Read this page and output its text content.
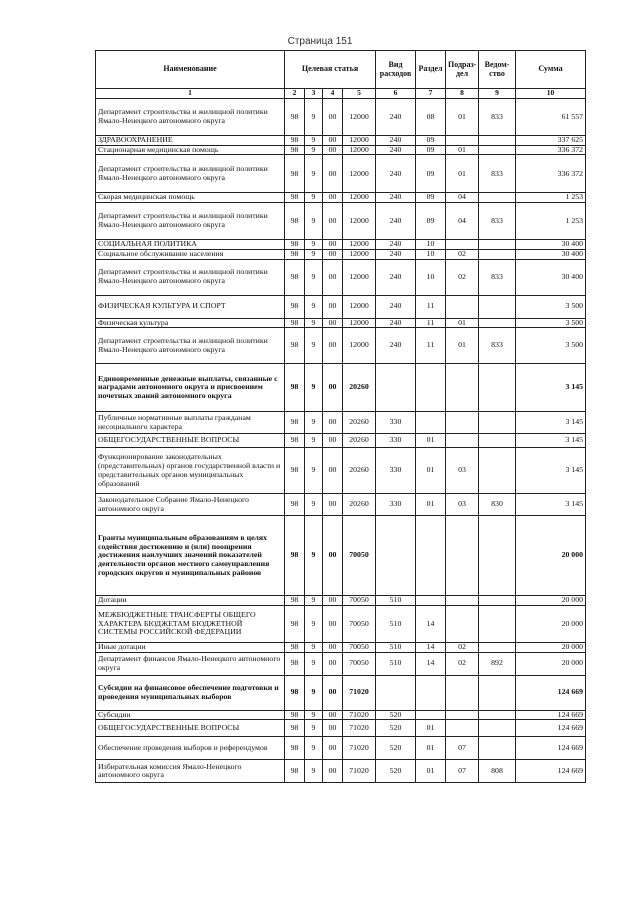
Страница 151
Наименование	Целевая статья				Вид расходов	Раздел	Подраз-дел	Ведом-ство	Сумма
1	2	3	4	5	6	7	8	9	10
Департамент строительства и жилищной политики Ямало-Ненецкого автономного округа	98	9	00	12000	240	08	01	833	61 557
ЗДРАВООХРАНЕНИЕ	98	9	00	12000	240	09			337 625
Стационарная медицинская помощь	98	9	00	12000	240	09	01		336 372
Департамент строительства и жилищной политики Ямало-Ненецкого автономного округа	98	9	00	12000	240	09	01	833	336 372
Скорая медицинская помощь	98	9	00	12000	240	09	04		1 253
Департамент строительства и жилищной политики Ямало-Ненецкого автономного округа	98	9	00	12000	240	09	04	833	1 253
СОЦИАЛЬНАЯ ПОЛИТИКА	98	9	00	12000	240	10			30 400
Социальное обслуживание населения	98	9	00	12000	240	10	02		30 400
Департамент строительства и жилищной политики Ямало-Ненецкого автономного округа	98	9	00	12000	240	10	02	833	30 400
ФИЗИЧЕСКАЯ КУЛЬТУРА И СПОРТ	98	9	00	12000	240	11			3 500
Физическая культура	98	9	00	12000	240	11	01		3 500
Департамент строительства и жилищной политики Ямало-Ненецкого автономного округа	98	9	00	12000	240	11	01	833	3 500
Единовременные денежные выплаты, связанные с наградами автономного округа и присвоением почетных званий автономного округа	98	9	00	20260					3 145
Публичные нормативные выплаты гражданам несоциального характера	98	9	00	20260	330				3 145
ОБЩЕГОСУДАРСТВЕННЫЕ ВОПРОСЫ	98	9	00	20260	330	01			3 145
Функционирование законодательных (представительных) органов государственной власти и представительных органов муниципальных образований	98	9	00	20260	330	01	03		3 145
Законодательное Собрание Ямало-Ненецкого автономного округа	98	9	00	20260	330	01	03	830	3 145
Гранты муниципальным образованиям в целях содействия достижению и (или) поощрения достижения наилучших значений показателей деятельности органов местного самоуправления городских округов и муниципальных районов	98	9	00	70050					20 000
Дотации	98	9	00	70050	510				20 000
МЕЖБЮДЖЕТНЫЕ ТРАНСФЕРТЫ ОБЩЕГО ХАРАКТЕРА БЮДЖЕТАМ БЮДЖЕТНОЙ СИСТЕМЫ РОССИЙСКОЙ ФЕДЕРАЦИИ	98	9	00	70050	510	14			20 000
Иные дотации	98	9	00	70050	510	14	02		20 000
Департамент финансов Ямало-Ненецкого автономного округа	98	9	00	70050	510	14	02	892	20 000
Субсидии на финансовое обеспечение подготовки и проведения муниципальных выборов	98	9	00	71020					124 669
Субсидии	98	9	00	71020	520				124 669
ОБЩЕГОСУДАРСТВЕННЫЕ ВОПРОСЫ	98	9	00	71020	520	01			124 669
Обеспечение проведения выборов и референдумов	98	9	00	71020	520	01	07		124 669
Избирательная комиссия Ямало-Ненецкого автономного округа	98	9	00	71020	520	01	07	808	124 669
